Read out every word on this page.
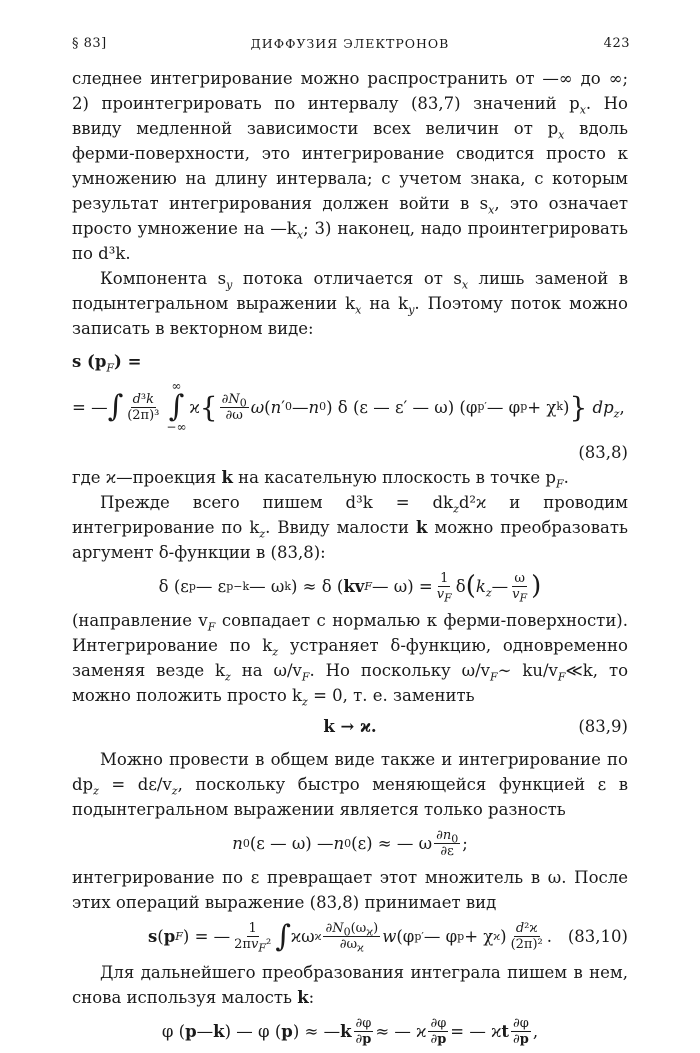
§ 83]	ДИФФУЗИЯ ЭЛЕКТРОНОВ	423

следнее интегрирование можно распространить от —∞ до ∞; 2) проинтегрировать по интервалу (83,7) значений $p_x$. Но ввиду медленной зависимости всех величин от $p_x$ вдоль ферми-поверхности, это интегрирование сводится просто к умножению на длину интервала; с учетом знака, с которым результат интегрирования должен войти в $s_x$, это означает просто умножение на $—k_x$; 3) наконец, надо проинтегрировать по d³k.

Компонента $s_y$ потока отличается от $s_x$ лишь заменой в подынтегральном выражении $k_x$ на $k_y$. Поэтому поток можно записать в векторном виде:

s $(p_F)$ =
= — ∫ $\frac{\text{d³k}}{\text{(2π)³}}$
∞
∫
−∞
ϰ { $\frac{\partial N_0}{\partial\omega}$ ω ( n ′ 0 — n 0 ) δ (ε — ε′ — ω) (φ p′ — φ p + χ k ) }
$dp_z$ ,
(83,8)

где ϰ—проекция k на касательную плоскость в точке $p_F$.

Прежде всего пишем $d^3k = dk_zd^2ϰ$ и проводим интегрирование по $k_z$. Ввиду малости k можно преобразовать аргумент δ-функции в (83,8):

δ (ε p — ε p−k — ω k ) ≈ δ ( kv F — $\omega) = \frac{1}{v_F}$ δ ( $k_z$ — $\frac{\omega}{v_F}$ )

(направление $v_F$ совпадает с нормалью к ферми-поверхности). Интегрирование по $k_z$ устраняет δ-функцию, одновременно заменяя везде $k_z$ на $\omega/v_F$. Но поскольку $\omega/v_F\sim$ $ku/v_F≪k$, то можно положить просто $k_z = 0$, т. е. заменить

k → ϰ.	(83,9)

Можно провести в общем виде также и интегрирование по $dp_z = d\varepsilon/v_z$, поскольку быстро меняющейся функцией ε в подынтегральном выражении является только разность

n 0 (ε — ω) — n 0 (ε) ≈ — ω $\frac{\partial n_0}{\partial\varepsilon}$ ;

интегрирование по ε превращает этот множитель в ω. После этих операций выражение (83,8) принимает вид

s ( p F ) = — $\frac{1}{2\pi v_F^2}$ ∫ ϰω ϰ $\frac{\partial N_0(\omega_ϰ)}{\partial\omega_ϰ}$ w (φ p′ — φ p + χ ϰ ) $\frac{\text{d²ϰ}}{\text{(2π)²}}$ . (83,10)

Для дальнейшего преобразования интеграла пишем в нем, снова используя малость k:

φ ( p — k ) — φ ( p ) ≈ — k $\frac{\partial\varphi}{\partial p}$ ≈ — ϰ $\frac{\partial\varphi}{\partial p}$ = — ϰ t $\frac{\partial\varphi}{\partial p}$ ,
